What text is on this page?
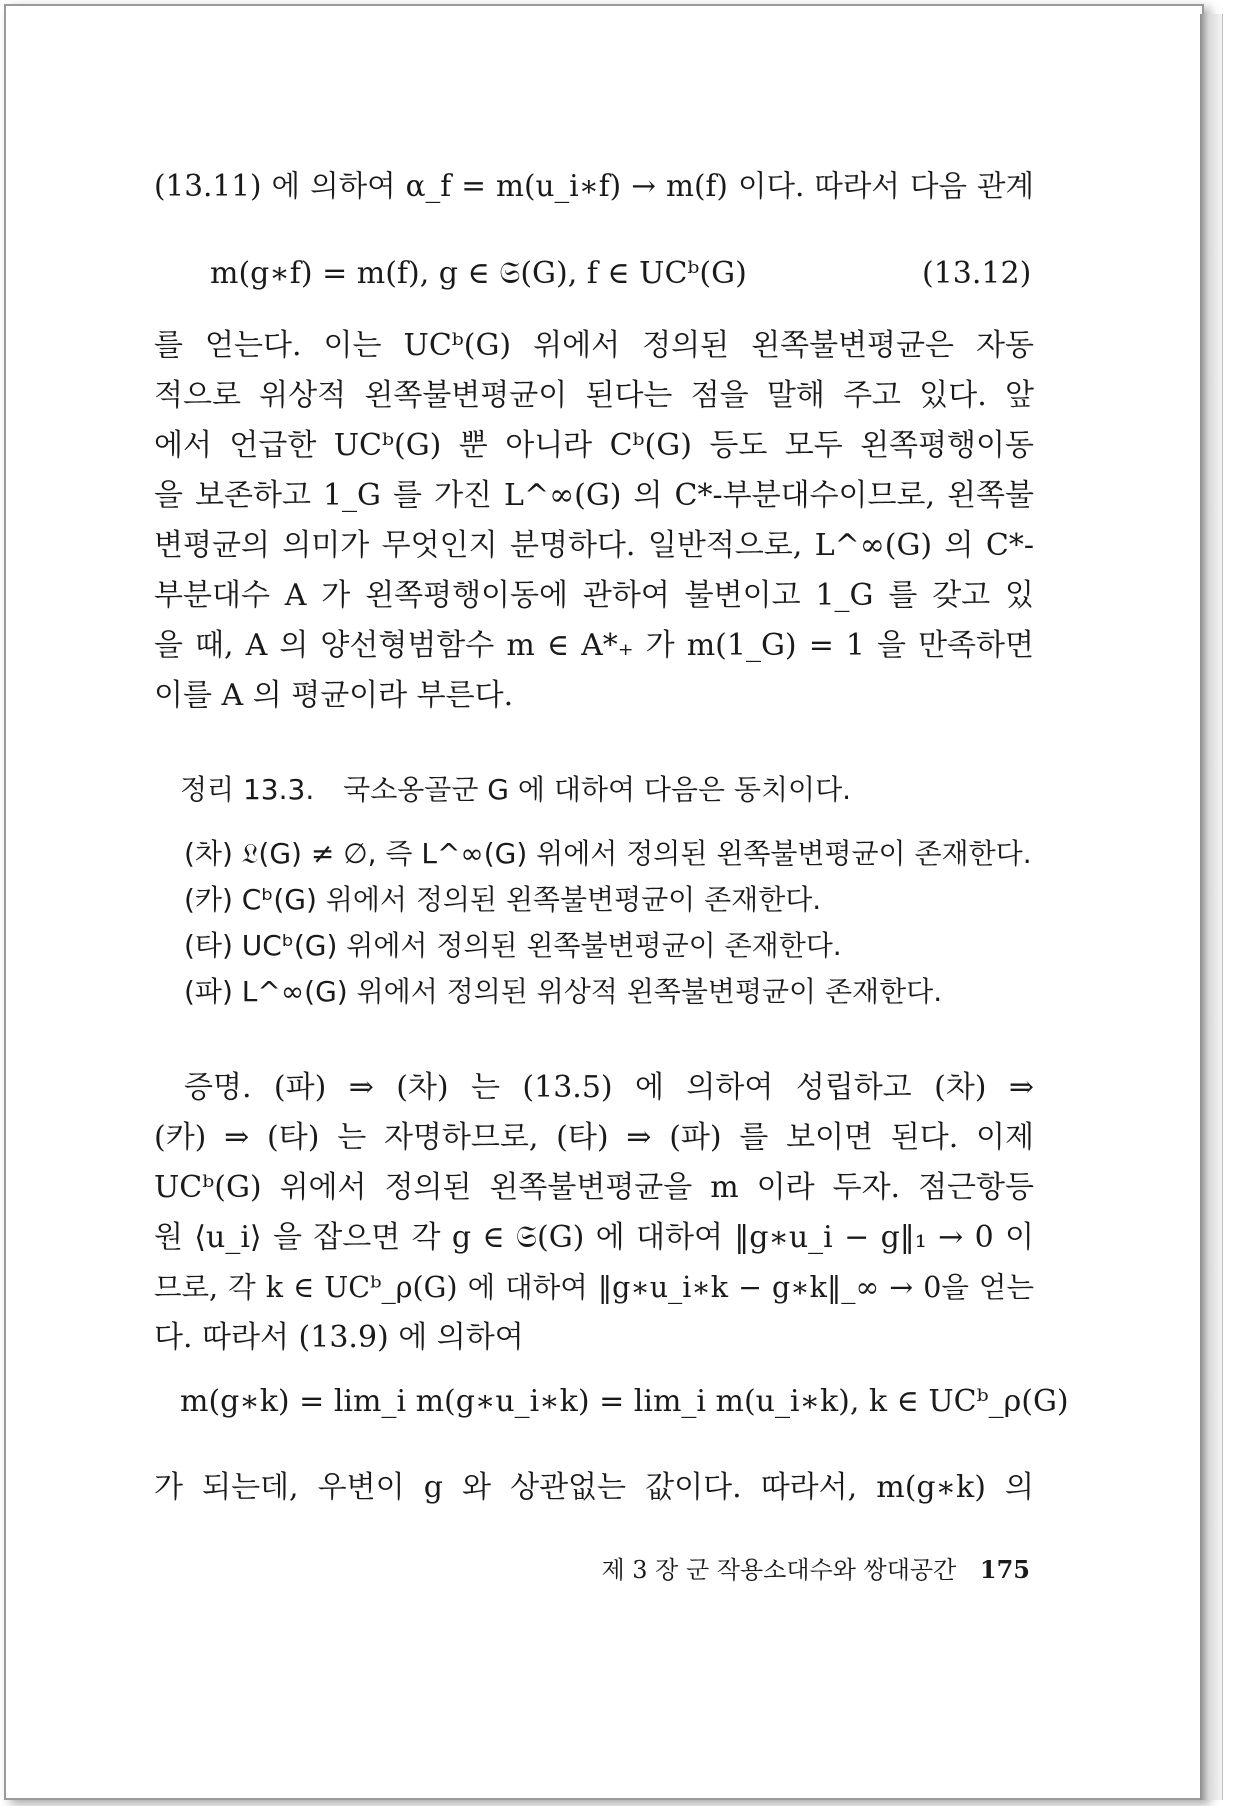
(13.11) 에 의하여 α_f = m(u_i∗f) → m(f) 이다. 따라서 다음 관계
m(g∗f) = m(f), g ∈ 𝔖(G), f ∈ UCᵇ(G)	(13.12)
를 얻는다. 이는 UCᵇ(G) 위에서 정의된 왼쪽불변평균은 자동
적으로 위상적 왼쪽불변평균이 된다는 점을 말해 주고 있다. 앞
에서 언급한 UCᵇ(G) 뿐 아니라 Cᵇ(G) 등도 모두 왼쪽평행이동
을 보존하고 1_G 를 가진 L^∞(G) 의 C*-부분대수이므로, 왼쪽불
변평균의 의미가 무엇인지 분명하다. 일반적으로, L^∞(G) 의 C*-
부분대수 A 가 왼쪽평행이동에 관하여 불변이고 1_G 를 갖고 있
을 때, A 의 양선형범함수 m ∈ A*₊ 가 m(1_G) = 1 을 만족하면
이를 A 의 평균이라 부른다.
정리 13.3. 국소옹골군 G 에 대하여 다음은 동치이다.
(차) 𝔏(G) ≠ ∅, 즉 L^∞(G) 위에서 정의된 왼쪽불변평균이 존재한다.
(카) Cᵇ(G) 위에서 정의된 왼쪽불변평균이 존재한다.
(타) UCᵇ(G) 위에서 정의된 왼쪽불변평균이 존재한다.
(파) L^∞(G) 위에서 정의된 위상적 왼쪽불변평균이 존재한다.
증명. (파) ⇒ (차) 는 (13.5) 에 의하여 성립하고 (차) ⇒
(카) ⇒ (타) 는 자명하므로, (타) ⇒ (파) 를 보이면 된다. 이제
UCᵇ(G) 위에서 정의된 왼쪽불변평균을 m 이라 두자. 점근항등
원 ⟨u_i⟩ 을 잡으면 각 g ∈ 𝔖(G) 에 대하여 ‖g∗u_i − g‖₁ → 0 이
므로, 각 k ∈ UCᵇ_ρ(G) 에 대하여 ‖g∗u_i∗k − g∗k‖_∞ → 0을 얻는
다. 따라서 (13.9) 에 의하여
m(g∗k) = lim_i m(g∗u_i∗k) = lim_i m(u_i∗k), k ∈ UCᵇ_ρ(G)
가 되는데, 우변이 g 와 상관없는 값이다. 따라서, m(g∗k) 의
제 3 장 군 작용소대수와 쌍대공간 175
